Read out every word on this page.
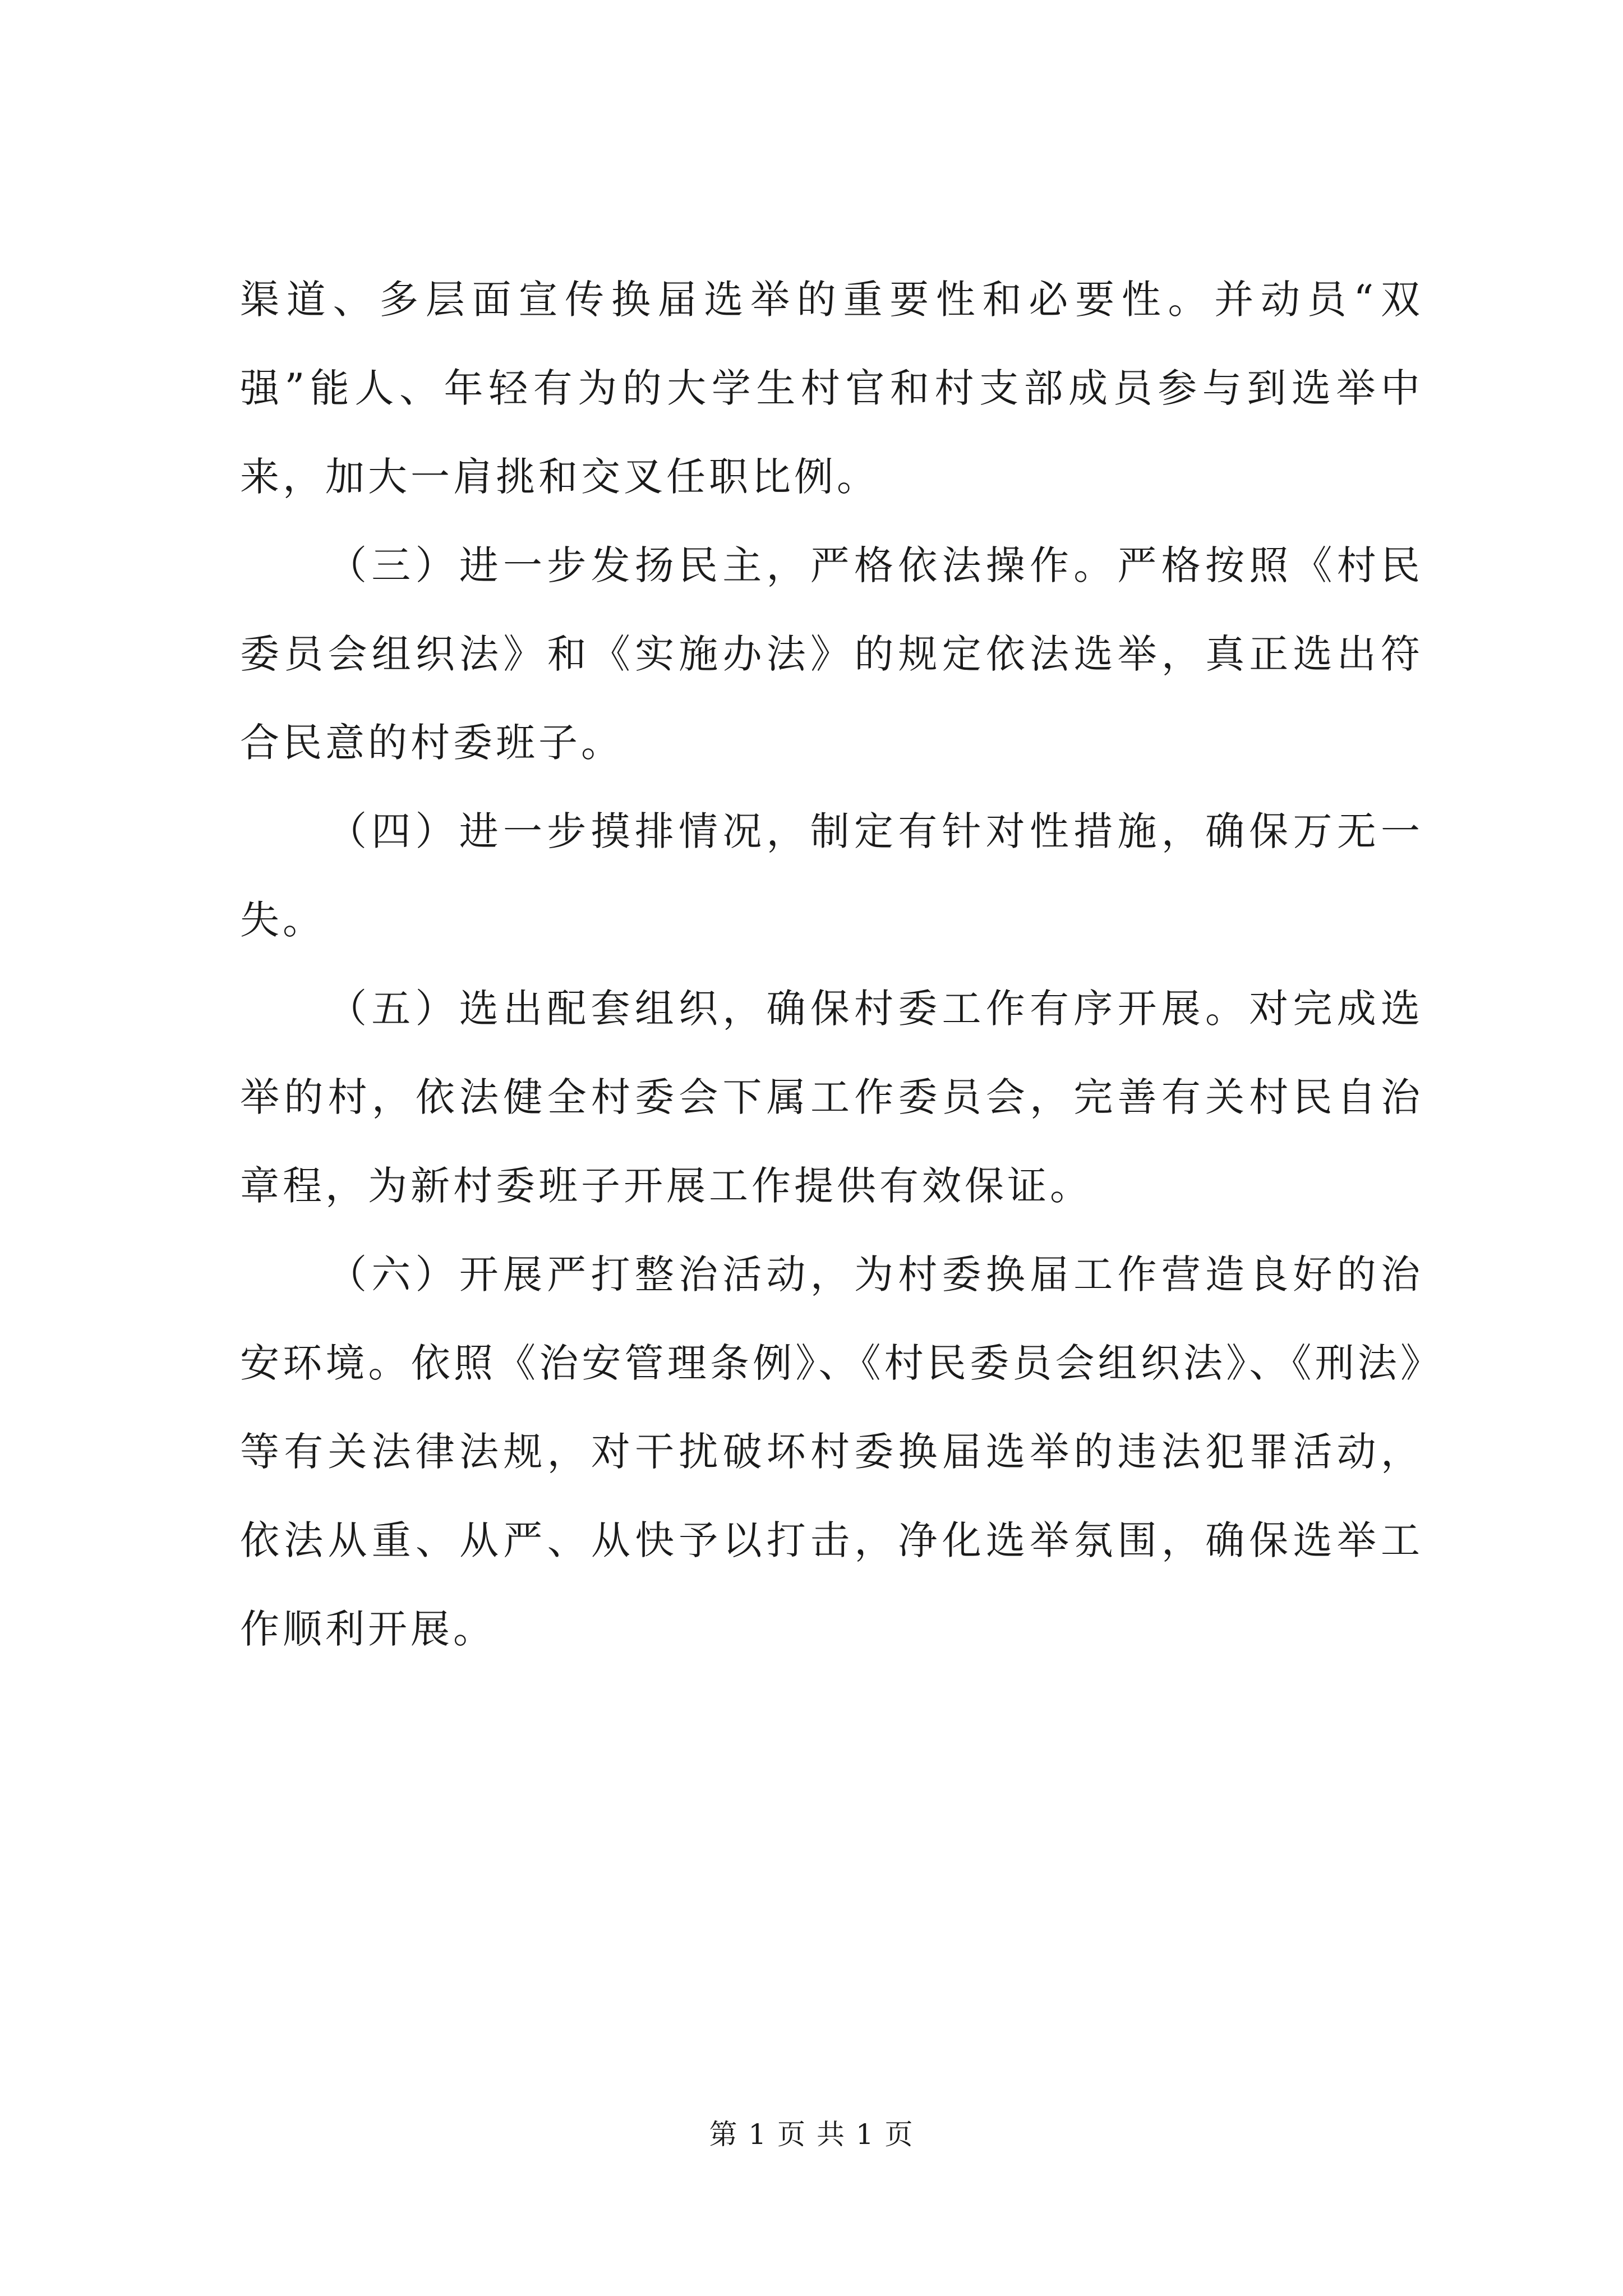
渠道、多层面宣传换届选举的重要性和必要性。并动员“双强”能人、年轻有为的大学生村官和村支部成员参与到选举中来，加大一肩挑和交叉任职比例。

（三）进一步发扬民主，严格依法操作。严格按照《村民委员会组织法》和《实施办法》的规定依法选举，真正选出符合民意的村委班子。

（四）进一步摸排情况，制定有针对性措施，确保万无一失。

（五）选出配套组织，确保村委工作有序开展。对完成选举的村，依法健全村委会下属工作委员会，完善有关村民自治章程，为新村委班子开展工作提供有效保证。

（六）开展严打整治活动，为村委换届工作营造良好的治安环境。依照《治安管理条例》、《村民委员会组织法》、《刑法》等有关法律法规，对干扰破坏村委换届选举的违法犯罪活动，依法从重、从严、从快予以打击，净化选举氛围，确保选举工作顺利开展。

第 1 页 共 1 页
